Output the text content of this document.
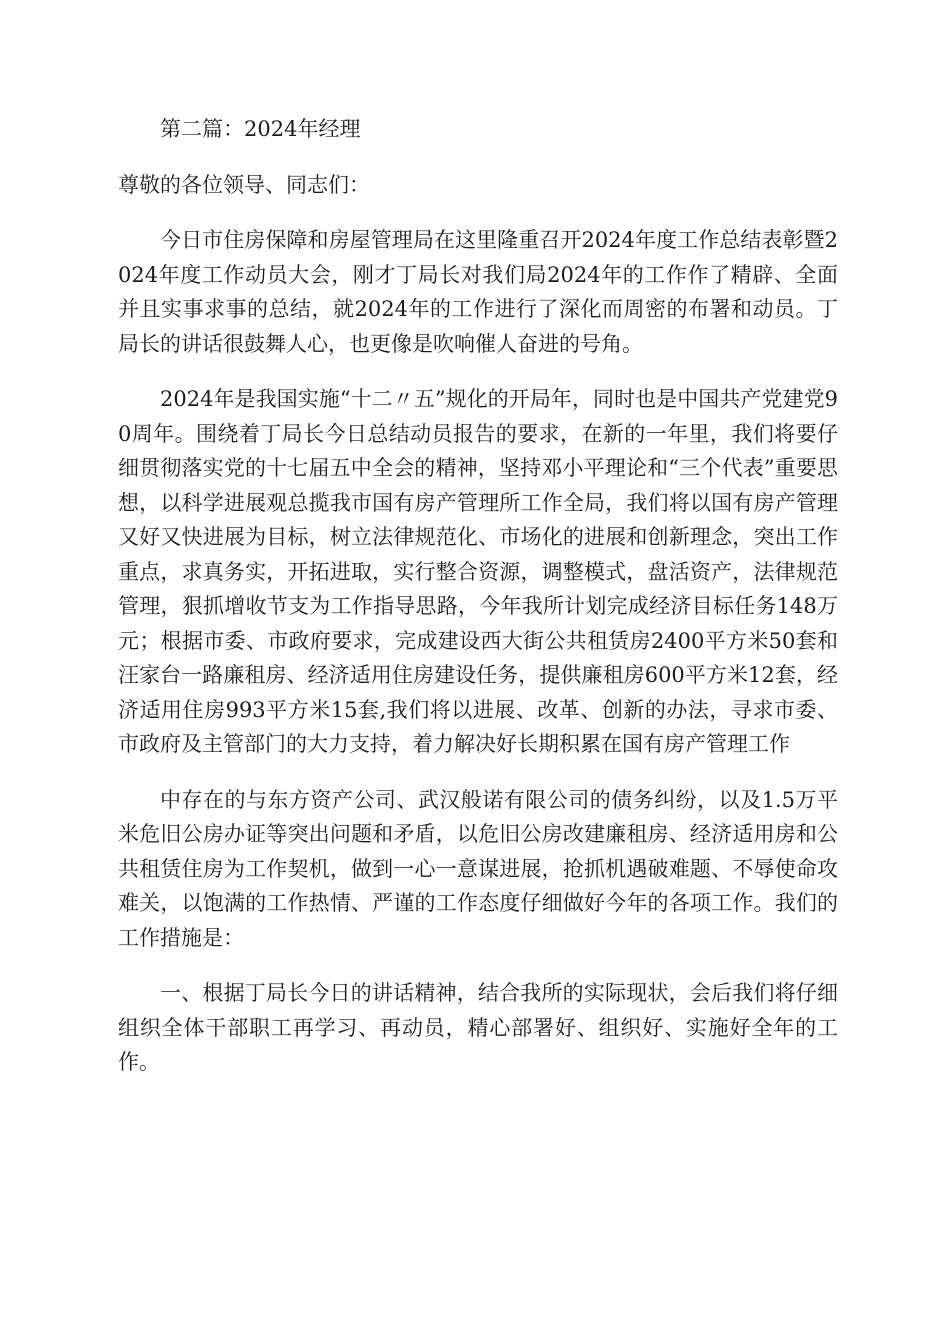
第二篇：2024年经理

尊敬的各位领导、同志们：

今日市住房保障和房屋管理局在这里隆重召开2024年度工作总结表彰暨2024年度工作动员大会，刚才丁局长对我们局2024年的工作作了精辟、全面并且实事求事的总结，就2024年的工作进行了深化而周密的布署和动员。丁局长的讲话很鼓舞人心，也更像是吹响催人奋进的号角。

2024年是我国实施“十二〃五”规化的开局年，同时也是中国共产党建党90周年。围绕着丁局长今日总结动员报告的要求，在新的一年里，我们将要仔细贯彻落实党的十七届五中全会的精神，坚持邓小平理论和“三个代表”重要思想，以科学进展观总揽我市国有房产管理所工作全局，我们将以国有房产管理又好又快进展为目标，树立法律规范化、市场化的进展和创新理念，突出工作重点，求真务实，开拓进取，实行整合资源，调整模式，盘活资产，法律规范管理，狠抓增收节支为工作指导思路，今年我所计划完成经济目标任务148万元；根据市委、市政府要求，完成建设西大街公共租赁房2400平方米50套和汪家台一路廉租房、经济适用住房建设任务，提供廉租房600平方米12套，经济适用住房993平方米15套,我们将以进展、改革、创新的办法，寻求市委、市政府及主管部门的大力支持，着力解决好长期积累在国有房产管理工作

中存在的与东方资产公司、武汉般诺有限公司的债务纠纷，以及1.5万平米危旧公房办证等突出问题和矛盾，以危旧公房改建廉租房、经济适用房和公共租赁住房为工作契机，做到一心一意谋进展，抢抓机遇破难题、不辱使命攻难关，以饱满的工作热情、严谨的工作态度仔细做好今年的各项工作。我们的工作措施是：

一、根据丁局长今日的讲话精神，结合我所的实际现状，会后我们将仔细组织全体干部职工再学习、再动员，精心部署好、组织好、实施好全年的工作。
